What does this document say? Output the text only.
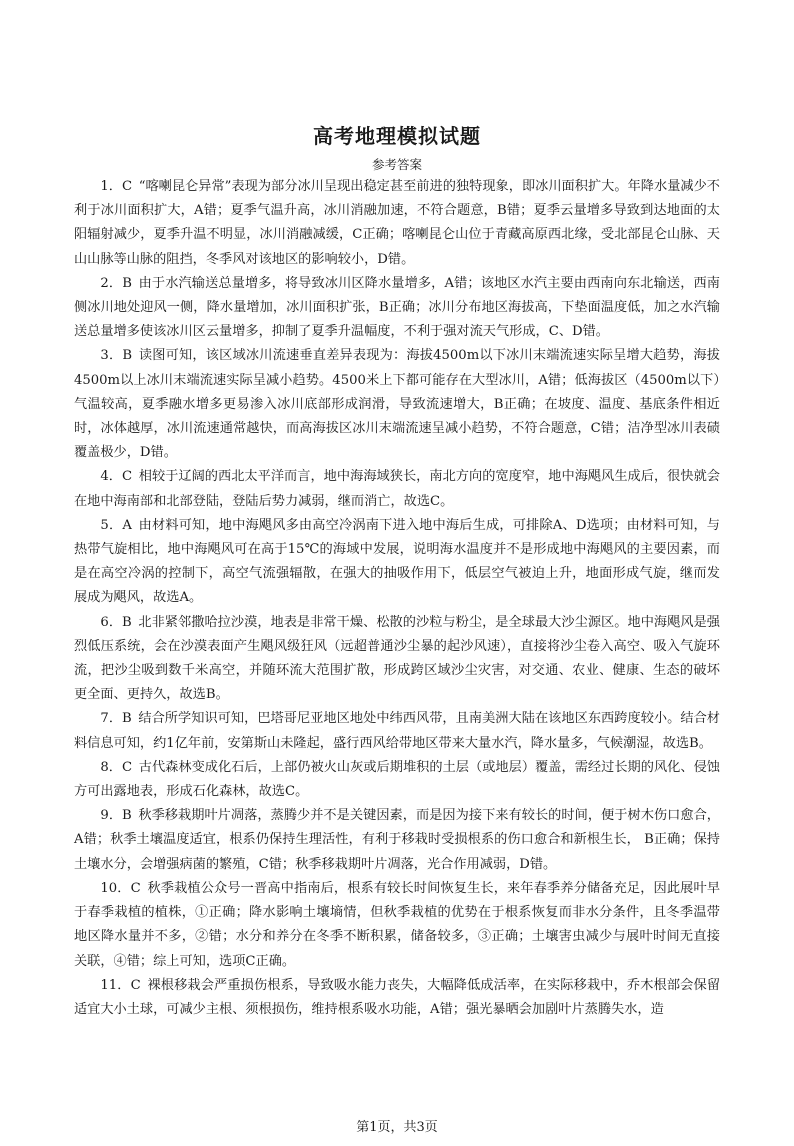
高考地理模拟试题

参考答案

1．C “喀喇昆仑异常”表现为部分冰川呈现出稳定甚至前进的独特现象，即冰川面积扩大。年降水量减少不利于冰川面积扩大，A错；夏季气温升高，冰川消融加速，不符合题意，B错；夏季云量增多导致到达地面的太阳辐射减少，夏季升温不明显，冰川消融减缓，C正确；喀喇昆仑山位于青藏高原西北缘，受北部昆仑山脉、天山山脉等山脉的阻挡，冬季风对该地区的影响较小，D错。

2．B 由于水汽输送总量增多，将导致冰川区降水量增多，A错；该地区水汽主要由西南向东北输送，西南侧冰川地处迎风一侧，降水量增加，冰川面积扩张，B正确；冰川分布地区海拔高，下垫面温度低，加之水汽输送总量增多使该冰川区云量增多，抑制了夏季升温幅度，不利于强对流天气形成，C、D错。

3．B 读图可知，该区域冰川流速垂直差异表现为：海拔4500m以下冰川末端流速实际呈增大趋势，海拔4500m以上冰川末端流速实际呈减小趋势。4500米上下都可能存在大型冰川，A错；低海拔区（4500m以下）气温较高，夏季融水增多更易渗入冰川底部形成润滑，导致流速增大，B正确；在坡度、温度、基底条件相近时，冰体越厚，冰川流速通常越快，而高海拔区冰川末端流速呈减小趋势，不符合题意，C错；洁净型冰川表碛覆盖极少，D错。

4．C 相较于辽阔的西北太平洋而言，地中海海域狭长，南北方向的宽度窄，地中海飓风生成后，很快就会在地中海南部和北部登陆，登陆后势力减弱，继而消亡，故选C。

5．A 由材料可知，地中海飓风多由高空冷涡南下进入地中海后生成，可排除A、D选项；由材料可知，与热带气旋相比，地中海飓风可在高于15℃的海域中发展，说明海水温度并不是形成地中海飓风的主要因素，而是在高空冷涡的控制下，高空气流强辐散，在强大的抽吸作用下，低层空气被迫上升，地面形成气旋，继而发展成为飓风，故选A。

6．B 北非紧邻撒哈拉沙漠，地表是非常干燥、松散的沙粒与粉尘，是全球最大沙尘源区。地中海飓风是强烈低压系统，会在沙漠表面产生飓风级狂风（远超普通沙尘暴的起沙风速），直接将沙尘卷入高空、吸入气旋环流，把沙尘吸到数千米高空，并随环流大范围扩散，形成跨区域沙尘灾害，对交通、农业、健康、生态的破坏更全面、更持久，故选B。

7．B 结合所学知识可知，巴塔哥尼亚地区地处中纬西风带，且南美洲大陆在该地区东西跨度较小。结合材料信息可知，约1亿年前，安第斯山未隆起，盛行西风给带地区带来大量水汽，降水量多，气候潮湿，故选B。

8．C 古代森林变成化石后，上部仍被火山灰或后期堆积的土层（或地层）覆盖，需经过长期的风化、侵蚀方可出露地表，形成石化森林，故选C。

9．B 秋季移栽期叶片凋落，蒸腾少并不是关键因素，而是因为接下来有较长的时间，便于树木伤口愈合，A错；秋季土壤温度适宜，根系仍保持生理活性，有利于移栽时受损根系的伤口愈合和新根生长， B正确；保持土壤水分，会增强病菌的繁殖，C错；秋季移栽期叶片凋落，光合作用减弱，D错。

10．C 秋季栽植公众号一晋高中指南后，根系有较长时间恢复生长，来年春季养分储备充足，因此展叶早于春季栽植的植株，①正确；降水影响土壤墒情，但秋季栽植的优势在于根系恢复而非水分条件，且冬季温带地区降水量并不多，②错；水分和养分在冬季不断积累，储备较多，③正确；土壤害虫减少与展叶时间无直接关联，④错；综上可知，选项C正确。

11．C 裸根移栽会严重损伤根系，导致吸水能力丧失，大幅降低成活率，在实际移栽中，乔木根部会保留适宜大小土球，可减少主根、须根损伤，维持根系吸水功能，A错；强光暴晒会加剧叶片蒸腾失水，造

第1页，共3页
